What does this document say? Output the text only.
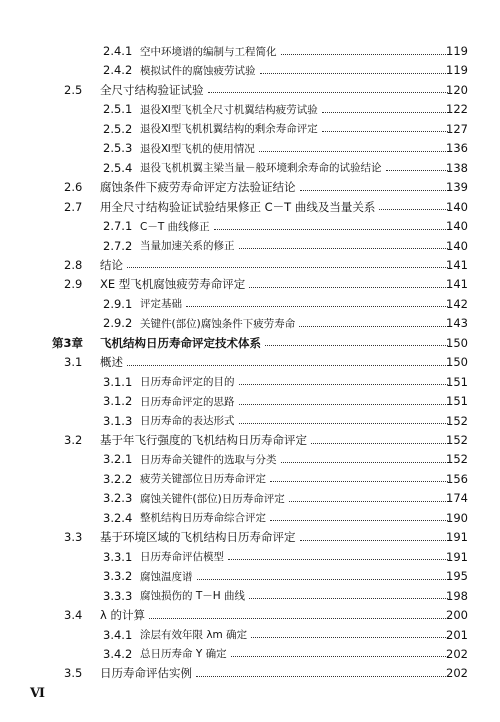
2.4.1 空中环境谱的编制与工程简化	119
2.4.2 模拟试件的腐蚀疲劳试验	119
2.5 全尺寸结构验证试验	120
2.5.1 退役Ⅺ型飞机全尺寸机翼结构疲劳试验	122
2.5.2 退役Ⅺ型飞机机翼结构的剩余寿命评定	127
2.5.3 退役Ⅺ型飞机的使用情况	136
2.5.4 退役飞机机翼主梁当量－般环境剩余寿命的试验结论	138
2.6 腐蚀条件下疲劳寿命评定方法验证结论	139
2.7 用全尺寸结构验证试验结果修正 C－T 曲线及当量关系	140
2.7.1 C－T 曲线修正	140
2.7.2 当量加速关系的修正	140
2.8 结论	141
2.9 XE 型飞机腐蚀疲劳寿命评定	141
2.9.1 评定基础	142
2.9.2 关键件(部位)腐蚀条件下疲劳寿命	143
第3章 飞机结构日历寿命评定技术体系	150
3.1 概述	150
3.1.1 日历寿命评定的目的	151
3.1.2 日历寿命评定的思路	151
3.1.3 日历寿命的表达形式	152
3.2 基于年飞行强度的飞机结构日历寿命评定	152
3.2.1 日历寿命关键件的选取与分类	152
3.2.2 疲劳关键部位日历寿命评定	156
3.2.3 腐蚀关键件(部位)日历寿命评定	174
3.2.4 整机结构日历寿命综合评定	190
3.3 基于环境区域的飞机结构日历寿命评定	191
3.3.1 日历寿命评估模型	191
3.3.2 腐蚀温度谱	195
3.3.3 腐蚀损伤的 T－H 曲线	198
3.4 λ 的计算	200
3.4.1 涂层有效年限 λm 确定	201
3.4.2 总日历寿命 Y 确定	202
3.5 日历寿命评估实例	202
Ⅵ
